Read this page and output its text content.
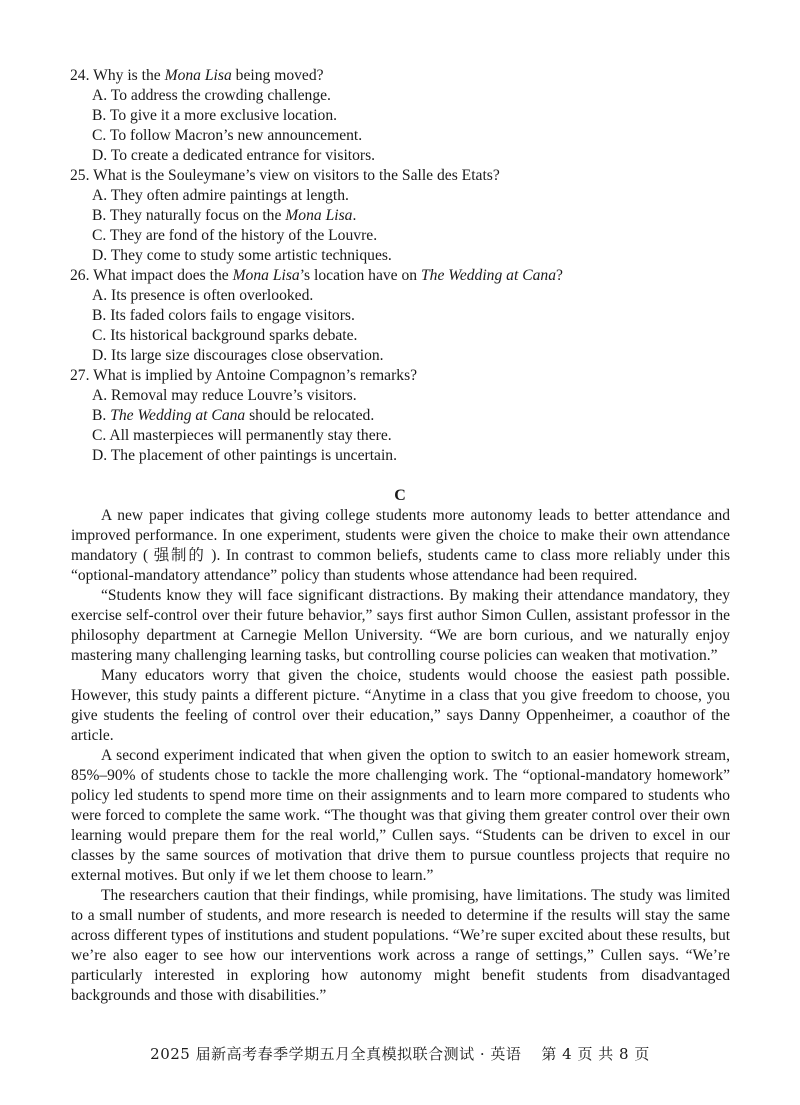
24. Why is the Mona Lisa being moved?
A. To address the crowding challenge.
B. To give it a more exclusive location.
C. To follow Macron’s new announcement.
D. To create a dedicated entrance for visitors.
25. What is the Souleymane’s view on visitors to the Salle des Etats?
A. They often admire paintings at length.
B. They naturally focus on the Mona Lisa.
C. They are fond of the history of the Louvre.
D. They come to study some artistic techniques.
26. What impact does the Mona Lisa’s location have on The Wedding at Cana?
A. Its presence is often overlooked.
B. Its faded colors fails to engage visitors.
C. Its historical background sparks debate.
D. Its large size discourages close observation.
27. What is implied by Antoine Compagnon’s remarks?
A. Removal may reduce Louvre’s visitors.
B. The Wedding at Cana should be relocated.
C. All masterpieces will permanently stay there.
D. The placement of other paintings is uncertain.
C

A new paper indicates that giving college students more autonomy leads to better attendance and improved performance. In one experiment, students were given the choice to make their own attendance mandatory ( 强制的 ). In contrast to common beliefs, students came to class more reliably under this “optional-mandatory attendance” policy than students whose attendance had been required.

“Students know they will face significant distractions. By making their attendance mandatory, they exercise self-control over their future behavior,” says first author Simon Cullen, assistant professor in the philosophy department at Carnegie Mellon University. “We are born curious, and we naturally enjoy mastering many challenging learning tasks, but controlling course policies can weaken that motivation.”

Many educators worry that given the choice, students would choose the easiest path possible. However, this study paints a different picture. “Anytime in a class that you give freedom to choose, you give students the feeling of control over their education,” says Danny Oppenheimer, a coauthor of the article.

A second experiment indicated that when given the option to switch to an easier homework stream, 85%–90% of students chose to tackle the more challenging work. The “optional-mandatory homework” policy led students to spend more time on their assignments and to learn more compared to students who were forced to complete the same work. “The thought was that giving them greater control over their own learning would prepare them for the real world,” Cullen says. “Students can be driven to excel in our classes by the same sources of motivation that drive them to pursue countless projects that require no external motives. But only if we let them choose to learn.”

The researchers caution that their findings, while promising, have limitations. The study was limited to a small number of students, and more research is needed to determine if the results will stay the same across different types of institutions and student populations. “We’re super excited about these results, but we’re also eager to see how our interventions work across a range of settings,” Cullen says. “We’re particularly interested in exploring how autonomy might benefit students from disadvantaged backgrounds and those with disabilities.”

2025 届新高考春季学期五月全真模拟联合测试 · 英语 第 4 页 共 8 页
